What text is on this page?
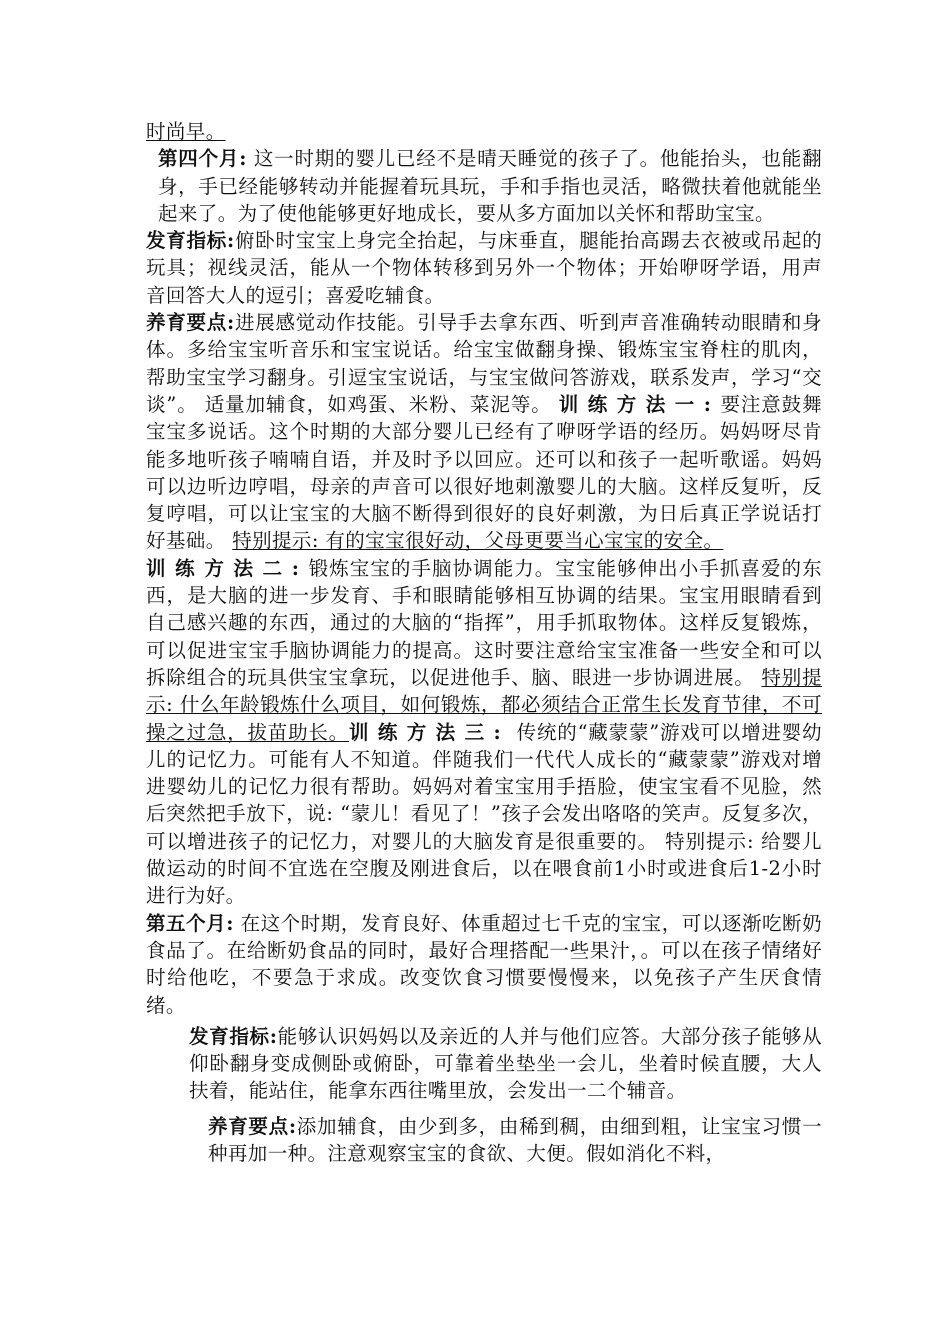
时尚早。

第四个月: 这一时期的婴儿已经不是晴天睡觉的孩子了。他能抬头，也能翻身，手已经能够转动并能握着玩具玩，手和手指也灵活，略微扶着他就能坐起来了。为了使他能够更好地成长，要从多方面加以关怀和帮助宝宝。

发育指标:俯卧时宝宝上身完全抬起，与床垂直，腿能抬高踢去衣被或吊起的玩具；视线灵活，能从一个物体转移到另外一个物体；开始咿呀学语，用声音回答大人的逗引；喜爱吃辅食。

养育要点:进展感觉动作技能。引导手去拿东西、听到声音准确转动眼睛和身体。多给宝宝听音乐和宝宝说话。给宝宝做翻身操、锻炼宝宝脊柱的肌肉，帮助宝宝学习翻身。引逗宝宝说话，与宝宝做问答游戏，联系发声，学习“交谈”。 适量加辅食，如鸡蛋、米粉、菜泥等。 训练方法一:要注意鼓舞宝宝多说话。这个时期的大部分婴儿已经有了咿呀学语的经历。妈妈呀尽肯能多地听孩子喃喃自语，并及时予以回应。还可以和孩子一起听歌谣。妈妈可以边听边哼唱，母亲的声音可以很好地刺激婴儿的大脑。这样反复听，反复哼唱，可以让宝宝的大脑不断得到很好的良好刺激，为日后真正学说话打好基础。 特别提示: 有的宝宝很好动，父母更要当心宝宝的安全。

训练方法二:锻炼宝宝的手脑协调能力。宝宝能够伸出小手抓喜爱的东西，是大脑的进一步发育、手和眼睛能够相互协调的结果。宝宝用眼睛看到自己感兴趣的东西，通过的大脑的“指挥”，用手抓取物体。这样反复锻炼，可以促进宝宝手脑协调能力的提高。这时要注意给宝宝准备一些安全和可以拆除组合的玩具供宝宝拿玩，以促进他手、脑、眼进一步协调进展。 特别提示: 什么年龄锻炼什么项目，如何锻炼，都必须结合正常生长发育节律，不可操之过急，拔苗助长。训练方法三: 传统的“藏蒙蒙”游戏可以增进婴幼儿的记忆力。可能有人不知道。伴随我们一代代人成长的“藏蒙蒙”游戏对增进婴幼儿的记忆力很有帮助。妈妈对着宝宝用手捂脸，使宝宝看不见脸，然后突然把手放下，说: “蒙儿！看见了！”孩子会发出咯咯的笑声。反复多次，可以增进孩子的记忆力，对婴儿的大脑发育是很重要的。 特别提示: 给婴儿做运动的时间不宜选在空腹及刚进食后，以在喂食前1小时或进食后1-2小时进行为好。

第五个月: 在这个时期，发育良好、体重超过七千克的宝宝，可以逐渐吃断奶食品了。在给断奶食品的同时，最好合理搭配一些果汁，。可以在孩子情绪好时给他吃，不要急于求成。改变饮食习惯要慢慢来，以免孩子产生厌食情绪。

发育指标:能够认识妈妈以及亲近的人并与他们应答。大部分孩子能够从仰卧翻身变成侧卧或俯卧，可靠着坐垫坐一会儿，坐着时候直腰，大人扶着，能站住，能拿东西往嘴里放，会发出一二个辅音。

养育要点:添加辅食，由少到多，由稀到稠，由细到粗，让宝宝习惯一种再加一种。注意观察宝宝的食欲、大便。假如消化不料，
